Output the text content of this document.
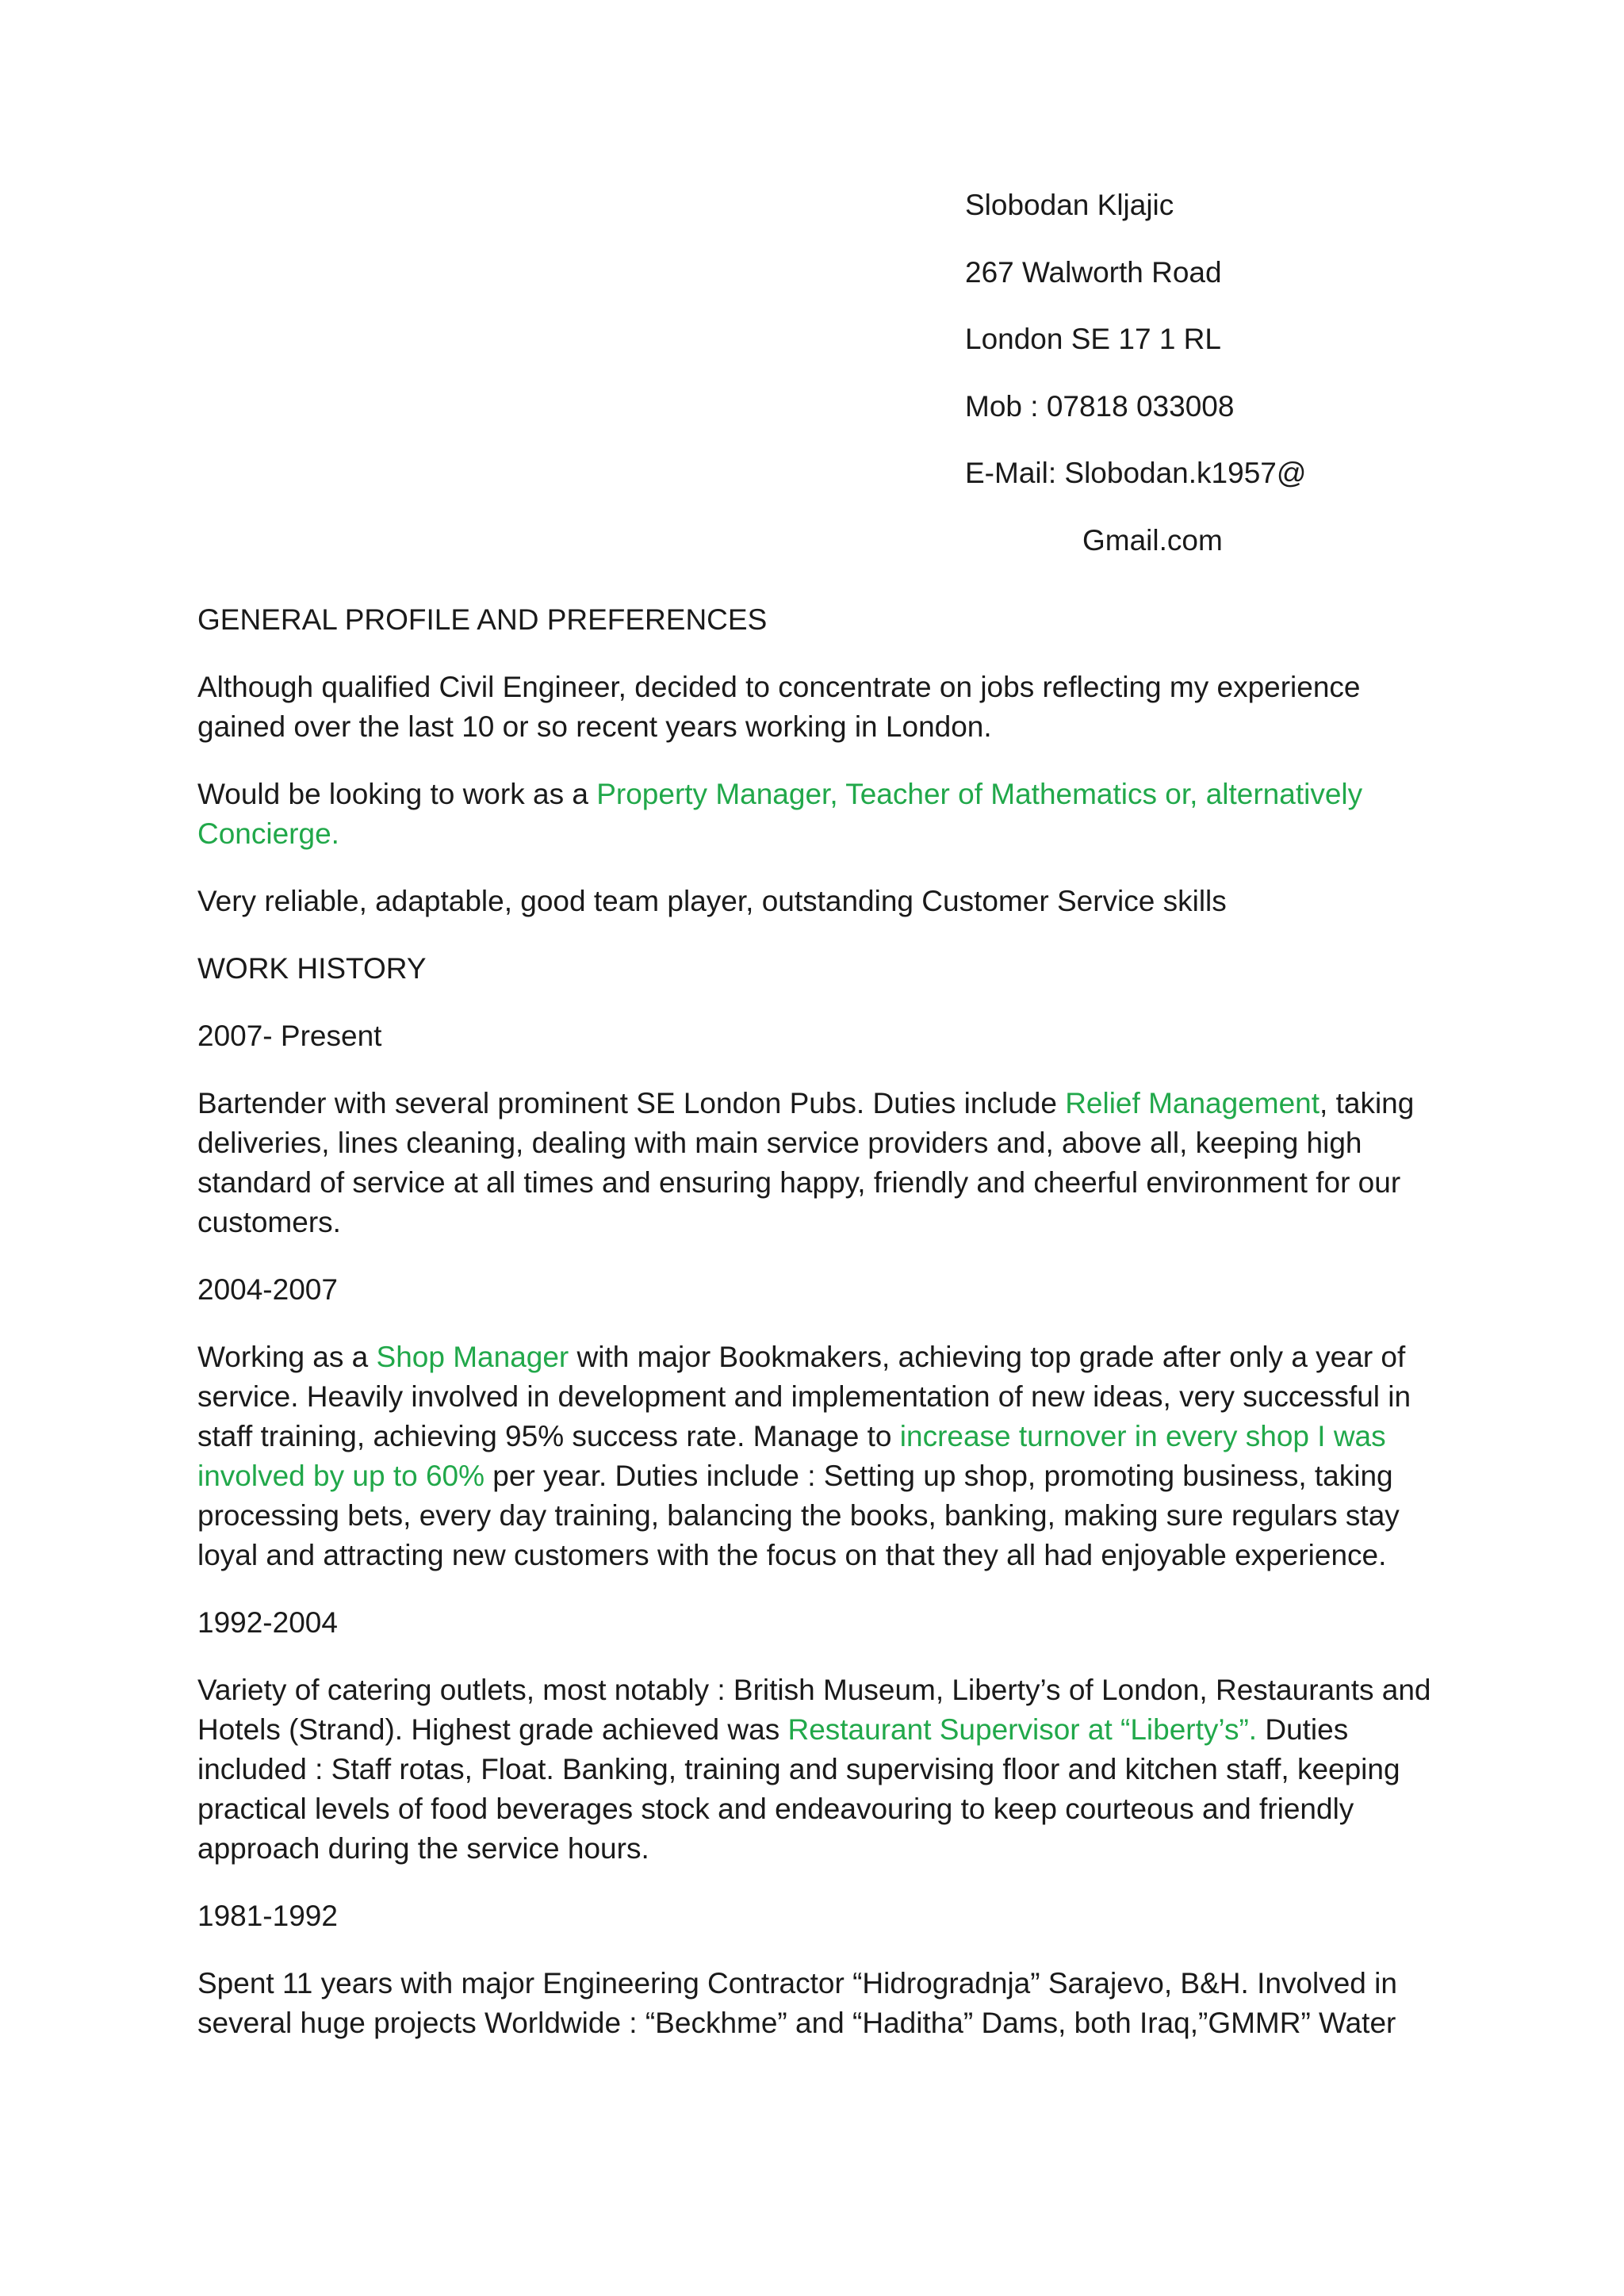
Slobodan Kljajic
267 Walworth Road
London SE 17 1 RL
Mob : 07818 033008
E-Mail: Slobodan.k1957@
Gmail.com
GENERAL PROFILE AND PREFERENCES

Although qualified Civil Engineer, decided to concentrate on jobs reflecting my experience gained over the last 10 or so recent years working in London.

Would be looking to work as a Property Manager, Teacher of Mathematics or, alternatively Concierge.

Very reliable, adaptable, good team player, outstanding Customer Service skills

WORK HISTORY
2007- Present

Bartender with several prominent SE London Pubs. Duties include Relief Management, taking deliveries, lines cleaning, dealing with main service providers and, above all, keeping high standard of service at all times and ensuring happy, friendly and cheerful environment for our customers.

2004-2007

Working as a Shop Manager with major Bookmakers, achieving top grade after only a year of service. Heavily involved in development and implementation of new ideas, very successful in staff training, achieving 95% success rate. Manage to increase turnover in every shop I was involved by up to 60% per year. Duties include : Setting up shop, promoting business, taking processing bets, every day training, balancing the books, banking, making sure regulars stay loyal and attracting new customers with the focus on that they all had enjoyable experience.

1992-2004

Variety of catering outlets, most notably : British Museum, Liberty’s of London, Restaurants and Hotels (Strand). Highest grade achieved was Restaurant Supervisor at “Liberty’s”. Duties included : Staff rotas, Float. Banking, training and supervising floor and kitchen staff, keeping practical levels of food beverages stock and endeavouring to keep courteous and friendly approach during the service hours.

1981-1992

Spent 11 years with major Engineering Contractor “Hidrogradnja” Sarajevo, B&H. Involved in several huge projects Worldwide : “Beckhme” and “Haditha” Dams, both Iraq,”GMMR” Water
